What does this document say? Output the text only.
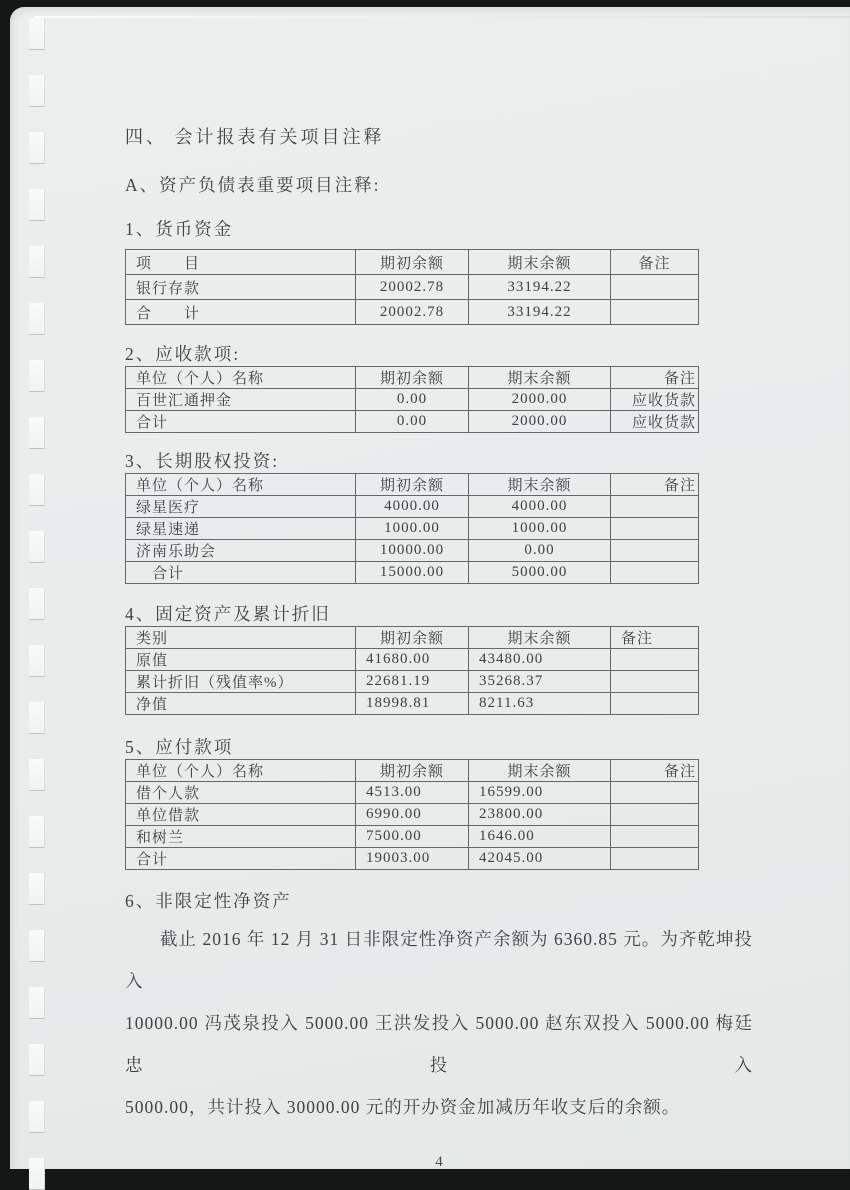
四、 会计报表有关项目注释
A、资产负债表重要项目注释:
1、货币资金
项　　目	期初余额	期末余额	备注
银行存款	20002.78	33194.22	
合　　计	20002.78	33194.22	
2、应收款项:
单位（个人）名称	期初余额	期末余额	备注
百世汇通押金	0.00	2000.00	应收货款
合计	0.00	2000.00	应收货款
3、长期股权投资:
单位（个人）名称	期初余额	期末余额	备注
绿星医疗	4000.00	4000.00	
绿星速递	1000.00	1000.00	
济南乐助会	10000.00	0.00	
　合计	15000.00	5000.00	
4、固定资产及累计折旧
类别	期初余额	期末余额	备注
原值	41680.00	43480.00	
累计折旧（残值率%）	22681.19	35268.37	
净值	18998.81	8211.63	
5、应付款项
单位（个人）名称	期初余额	期末余额	备注
借个人款	4513.00	16599.00	
单位借款	6990.00	23800.00	
和树兰	7500.00	1646.00	
合计	19003.00	42045.00	
6、非限定性净资产
截止 2016 年 12 月 31 日非限定性净资产余额为 6360.85 元。为齐乾坤投入
10000.00 冯茂泉投入 5000.00 王洪发投入 5000.00 赵东双投入 5000.00 梅廷忠投入
5000.00，共计投入 30000.00 元的开办资金加减历年收支后的余额。
4
